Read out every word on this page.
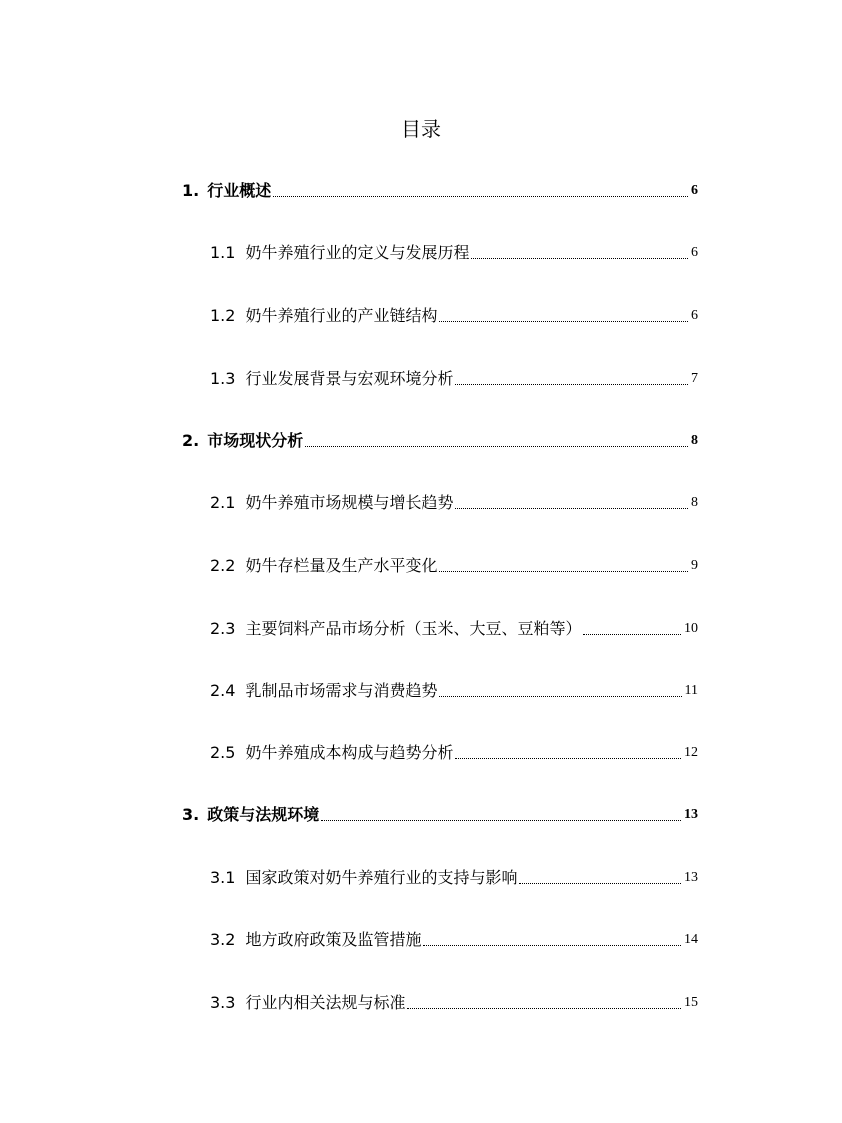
目录
1. 行业概述	6
1.1 奶牛养殖行业的定义与发展历程	6
1.2 奶牛养殖行业的产业链结构	6
1.3 行业发展背景与宏观环境分析	7
2. 市场现状分析	8
2.1 奶牛养殖市场规模与增长趋势	8
2.2 奶牛存栏量及生产水平变化	9
2.3 主要饲料产品市场分析（玉米、大豆、豆粕等）	10
2.4 乳制品市场需求与消费趋势	11
2.5 奶牛养殖成本构成与趋势分析	12
3. 政策与法规环境	13
3.1 国家政策对奶牛养殖行业的支持与影响	13
3.2 地方政府政策及监管措施	14
3.3 行业内相关法规与标准	15
